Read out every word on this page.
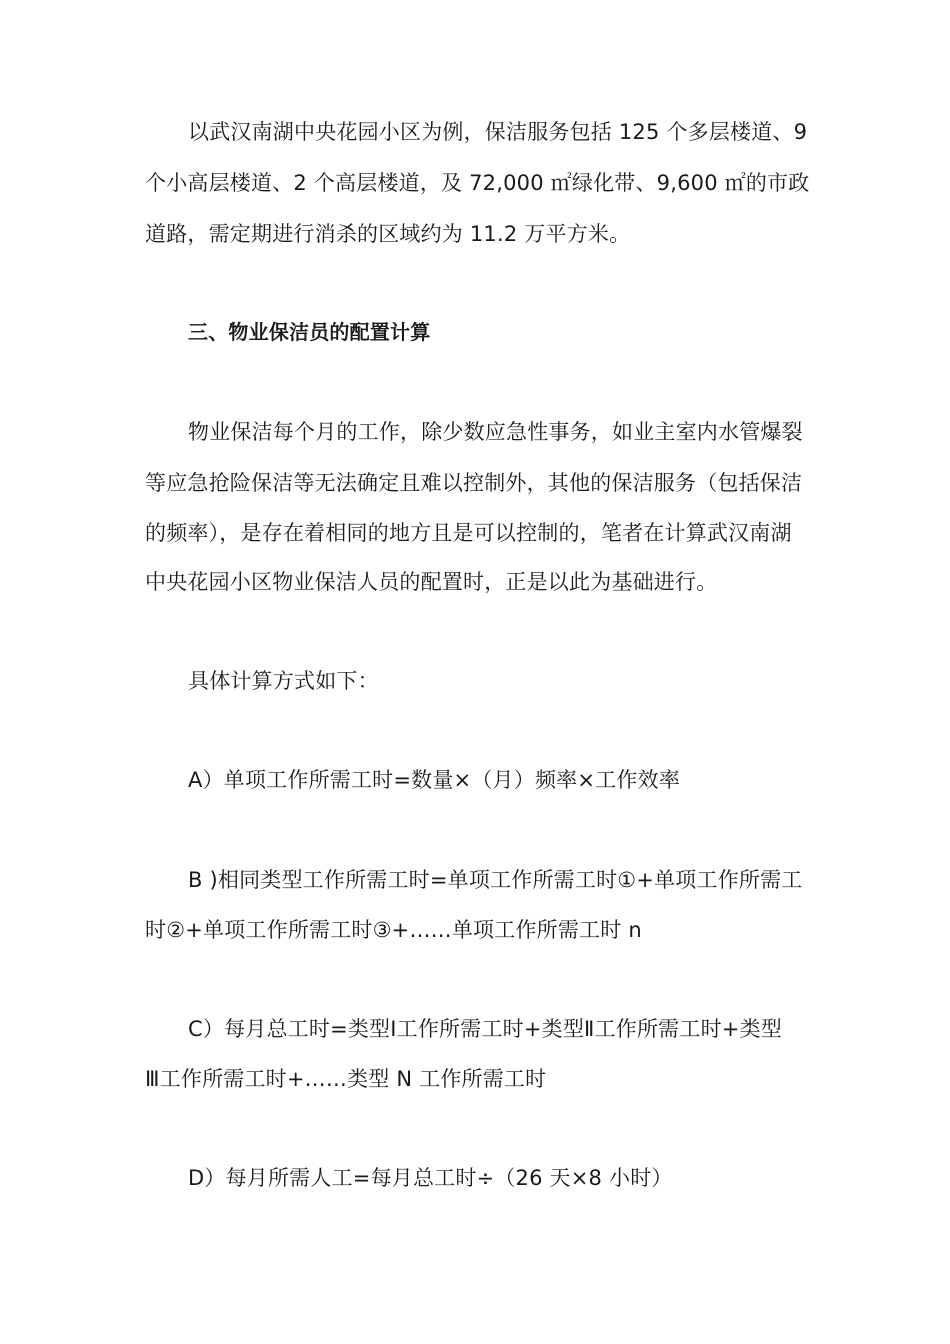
以武汉南湖中央花园小区为例，保洁服务包括 125 个多层楼道、9
个小高层楼道、2 个高层楼道，及 72,000 ㎡绿化带、9,600 ㎡的市政
道路，需定期进行消杀的区域约为 11.2 万平方米。
三、物业保洁员的配置计算
物业保洁每个月的工作，除少数应急性事务，如业主室内水管爆裂
等应急抢险保洁等无法确定且难以控制外，其他的保洁服务（包括保洁
的频率），是存在着相同的地方且是可以控制的，笔者在计算武汉南湖
中央花园小区物业保洁人员的配置时，正是以此为基础进行。
具体计算方式如下：
A）单项工作所需工时=数量×（月）频率×工作效率
B )相同类型工作所需工时=单项工作所需工时①+单项工作所需工
时②+单项工作所需工时③+……单项工作所需工时 n
C）每月总工时=类型Ⅰ工作所需工时+类型Ⅱ工作所需工时+类型
Ⅲ工作所需工时+……类型 N 工作所需工时
D）每月所需人工=每月总工时÷（26 天×8 小时）
